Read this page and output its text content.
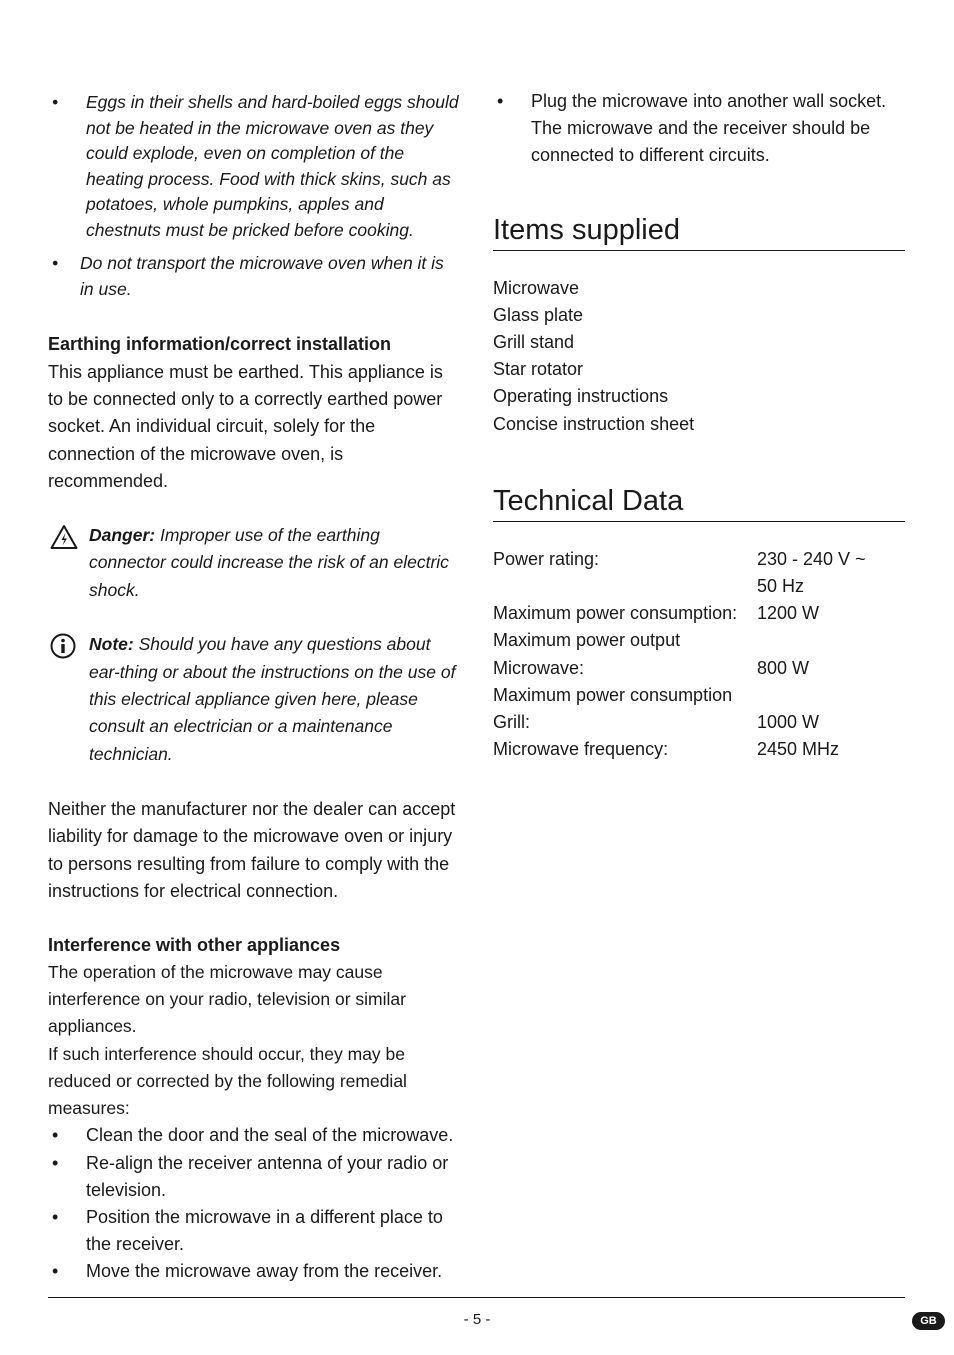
• Eggs in their shells and hard-boiled eggs should not be heated in the microwave oven as they could explode, even on completion of the heating process. Food with thick skins, such as potatoes, whole pumpkins, apples and chestnuts must be pricked before cooking.
• Do not transport the microwave oven when it is in use.
Earthing information/correct installation
This appliance must be earthed. This appliance is to be connected only to a correctly earthed power socket. An individual circuit, solely for the connection of the microwave oven, is recommended.
Danger: Improper use of the earthing connector could increase the risk of an electric shock.
Note: Should you have any questions about ear-thing or about the instructions on the use of this electrical appliance given here, please consult an electrician or a maintenance technician.
Neither the manufacturer nor the dealer can accept liability for damage to the microwave oven or injury to persons resulting from failure to comply with the instructions for electrical connection.
Interference with other appliances
The operation of the microwave may cause interference on your radio, television or similar appliances.
If such interference should occur, they may be reduced or corrected by the following remedial measures:
• Clean the door and the seal of the microwave.
• Re-align the receiver antenna of your radio or television.
• Position the microwave in a different place to the receiver.
• Move the microwave away from the receiver.
• Plug the microwave into another wall socket. The microwave and the receiver should be connected to different circuits.
Items supplied
Microwave
Glass plate
Grill stand
Star rotator
Operating instructions
Concise instruction sheet
Technical Data
Power rating:	230 - 240 V ~
	50 Hz
Maximum power consumption:	1200 W
Maximum power output	
Microwave:	800 W
Maximum power consumption	
Grill:	1000 W
Microwave frequency:	2450 MHz
- 5 -	GB
